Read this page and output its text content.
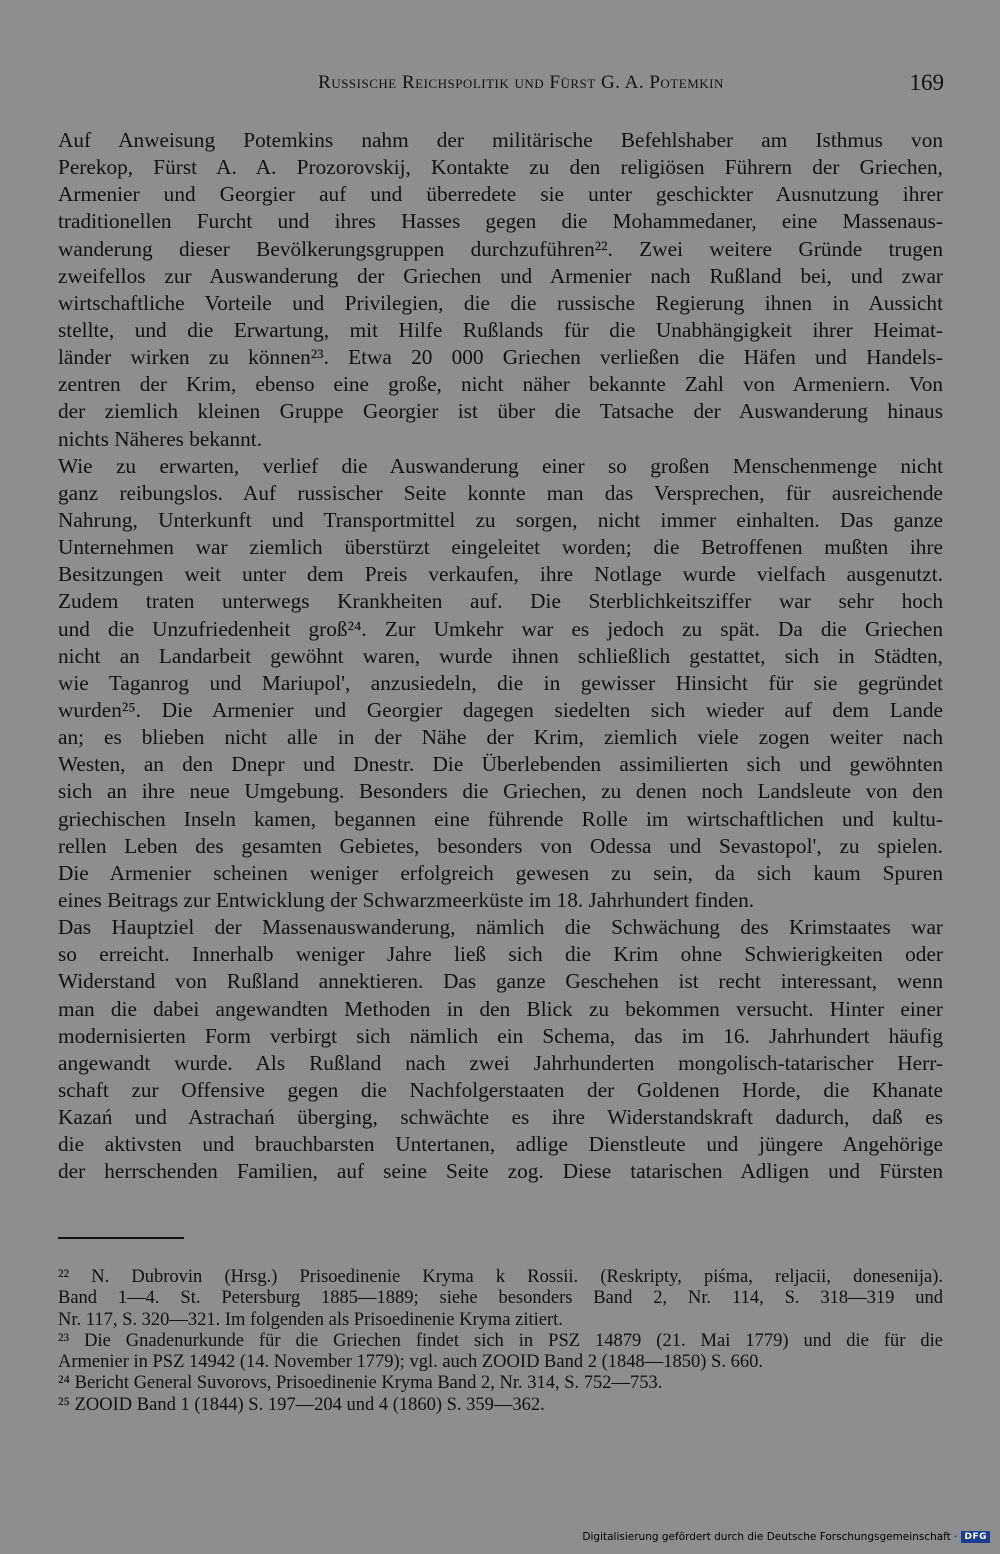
Russische Reichspolitik und Fürst G. A. Potemkin	169
Auf Anweisung Potemkins nahm der militärische Befehlshaber am Isthmus von
Perekop, Fürst A. A. Prozorovskij, Kontakte zu den religiösen Führern der Griechen,
Armenier und Georgier auf und überredete sie unter geschickter Ausnutzung ihrer
traditionellen Furcht und ihres Hasses gegen die Mohammedaner, eine Massenaus-
wanderung dieser Bevölkerungsgruppen durchzuführen²². Zwei weitere Gründe trugen
zweifellos zur Auswanderung der Griechen und Armenier nach Rußland bei, und zwar
wirtschaftliche Vorteile und Privilegien, die die russische Regierung ihnen in Aussicht
stellte, und die Erwartung, mit Hilfe Rußlands für die Unabhängigkeit ihrer Heimat-
länder wirken zu können²³. Etwa 20 000 Griechen verließen die Häfen und Handels-
zentren der Krim, ebenso eine große, nicht näher bekannte Zahl von Armeniern. Von
der ziemlich kleinen Gruppe Georgier ist über die Tatsache der Auswanderung hinaus
nichts Näheres bekannt.
Wie zu erwarten, verlief die Auswanderung einer so großen Menschenmenge nicht
ganz reibungslos. Auf russischer Seite konnte man das Versprechen, für ausreichende
Nahrung, Unterkunft und Transportmittel zu sorgen, nicht immer einhalten. Das ganze
Unternehmen war ziemlich überstürzt eingeleitet worden; die Betroffenen mußten ihre
Besitzungen weit unter dem Preis verkaufen, ihre Notlage wurde vielfach ausgenutzt.
Zudem traten unterwegs Krankheiten auf. Die Sterblichkeitsziffer war sehr hoch
und die Unzufriedenheit groß²⁴. Zur Umkehr war es jedoch zu spät. Da die Griechen
nicht an Landarbeit gewöhnt waren, wurde ihnen schließlich gestattet, sich in Städten,
wie Taganrog und Mariupol', anzusiedeln, die in gewisser Hinsicht für sie gegründet
wurden²⁵. Die Armenier und Georgier dagegen siedelten sich wieder auf dem Lande
an; es blieben nicht alle in der Nähe der Krim, ziemlich viele zogen weiter nach
Westen, an den Dnepr und Dnestr. Die Überlebenden assimilierten sich und gewöhnten
sich an ihre neue Umgebung. Besonders die Griechen, zu denen noch Landsleute von den
griechischen Inseln kamen, begannen eine führende Rolle im wirtschaftlichen und kultu-
rellen Leben des gesamten Gebietes, besonders von Odessa und Sevastopol', zu spielen.
Die Armenier scheinen weniger erfolgreich gewesen zu sein, da sich kaum Spuren
eines Beitrags zur Entwicklung der Schwarzmeerküste im 18. Jahrhundert finden.
Das Hauptziel der Massenauswanderung, nämlich die Schwächung des Krimstaates war
so erreicht. Innerhalb weniger Jahre ließ sich die Krim ohne Schwierigkeiten oder
Widerstand von Rußland annektieren. Das ganze Geschehen ist recht interessant, wenn
man die dabei angewandten Methoden in den Blick zu bekommen versucht. Hinter einer
modernisierten Form verbirgt sich nämlich ein Schema, das im 16. Jahrhundert häufig
angewandt wurde. Als Rußland nach zwei Jahrhunderten mongolisch-tatarischer Herr-
schaft zur Offensive gegen die Nachfolgerstaaten der Goldenen Horde, die Khanate
Kazań und Astrachań überging, schwächte es ihre Widerstandskraft dadurch, daß es
die aktivsten und brauchbarsten Untertanen, adlige Dienstleute und jüngere Angehörige
der herrschenden Familien, auf seine Seite zog. Diese tatarischen Adligen und Fürsten
²² N. Dubrovin (Hrsg.) Prisoedinenie Kryma k Rossii. (Reskripty, piśma, reljacii, donesenija).
Band 1—4. St. Petersburg 1885—1889; siehe besonders Band 2, Nr. 114, S. 318—319 und
Nr. 117, S. 320—321. Im folgenden als Prisoedinenie Kryma zitiert.
²³ Die Gnadenurkunde für die Griechen findet sich in PSZ 14879 (21. Mai 1779) und die für die
Armenier in PSZ 14942 (14. November 1779); vgl. auch ZOOID Band 2 (1848—1850) S. 660.
²⁴ Bericht General Suvorovs, Prisoedinenie Kryma Band 2, Nr. 314, S. 752—753.
²⁵ ZOOID Band 1 (1844) S. 197—204 und 4 (1860) S. 359—362.
Digitalisierung gefördert durch die Deutsche Forschungsgemeinschaft · DFG
